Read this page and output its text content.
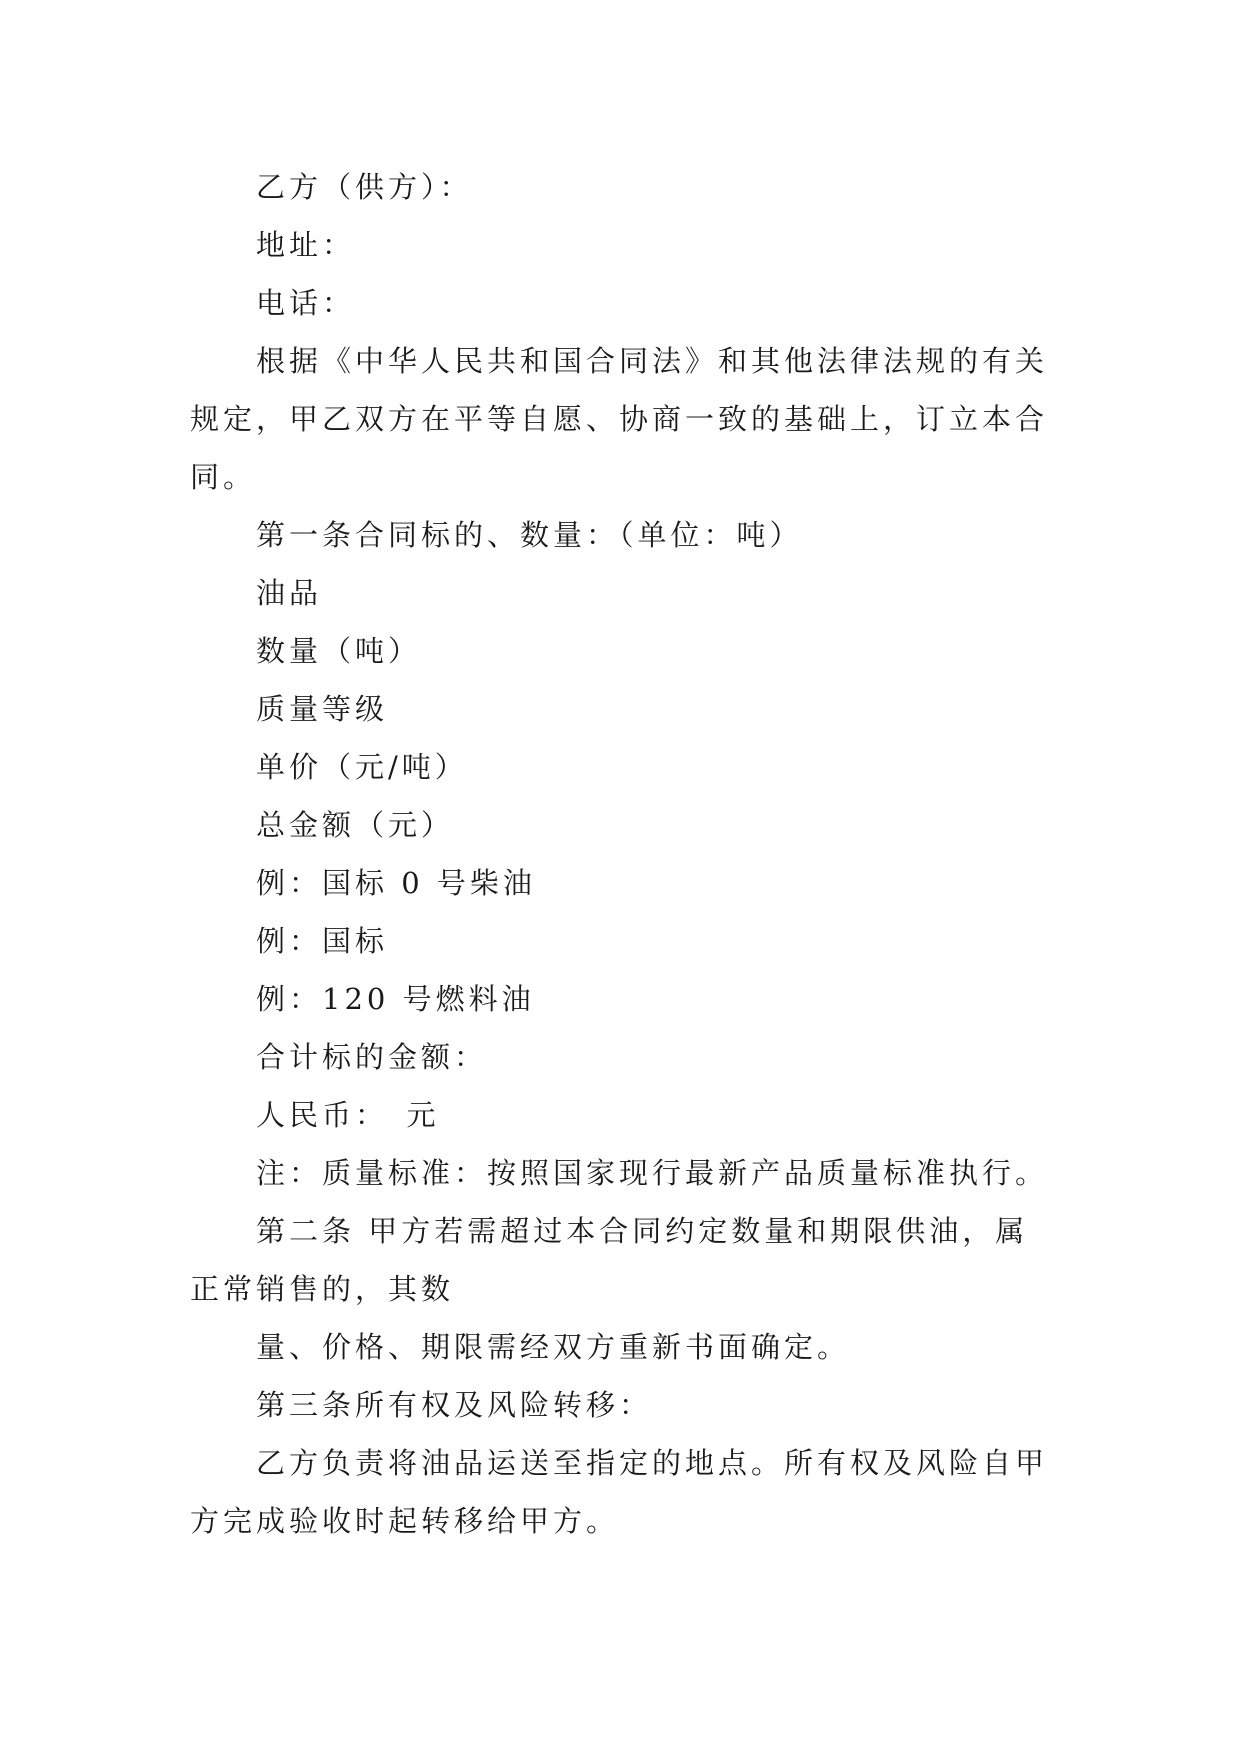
乙方（供方）：

地址：

电话：

根据《中华人民共和国合同法》和其他法律法规的有关规定，甲乙双方在平等自愿、协商一致的基础上，订立本合同。

第一条合同标的、数量：（单位：吨）

油品

数量（吨）

质量等级

单价（元/吨）

总金额（元）

例：国标 0 号柴油

例：国标

例：120 号燃料油

合计标的金额：

人民币：　元

注：质量标准：按照国家现行最新产品质量标准执行。

第二条 甲方若需超过本合同约定数量和期限供油，属正常销售的，其数

量、价格、期限需经双方重新书面确定。

第三条所有权及风险转移：

乙方负责将油品运送至指定的地点。所有权及风险自甲方完成验收时起转移给甲方。
